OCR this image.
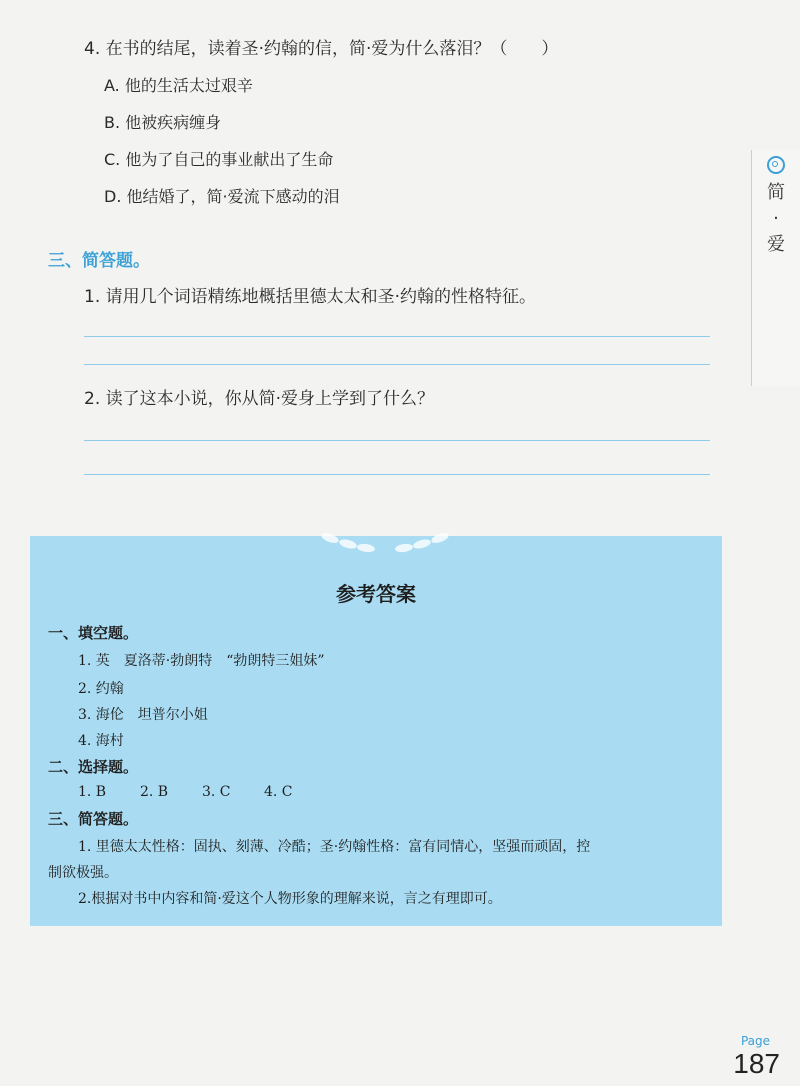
4. 在书的结尾，读着圣·约翰的信，简·爱为什么落泪？（　　）
A. 他的生活太过艰辛
B. 他被疾病缠身
C. 他为了自己的事业献出了生命
D. 他结婚了，简·爱流下感动的泪
三、简答题。
1. 请用几个词语精练地概括里德太太和圣·约翰的性格特征。
2. 读了这本小说，你从简·爱身上学到了什么？
简
·
爱
参考答案
一、填空题。
1. 英　夏洛蒂·勃朗特　“勃朗特三姐妹”
2. 约翰
3. 海伦　坦普尔小姐
4. 海村
二、选择题。
1. B 2. B 3. C 4. C
三、简答题。
1. 里德太太性格：固执、刻薄、冷酷；圣·约翰性格：富有同情心，坚强而顽固，控
制欲极强。
2.根据对书中内容和简·爱这个人物形象的理解来说，言之有理即可。
Page
187
